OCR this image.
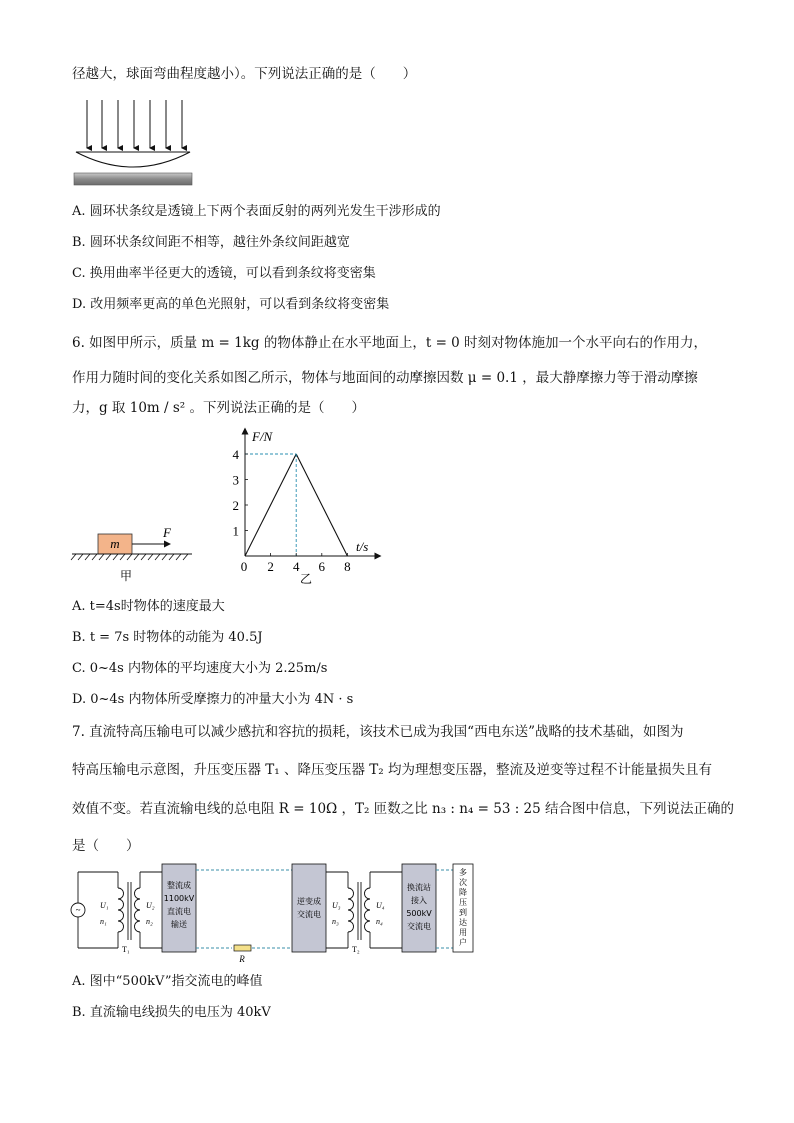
径越大，球面弯曲程度越小）。下列说法正确的是（　　）
A. 圆环状条纹是透镜上下两个表面反射的两列光发生干涉形成的
B. 圆环状条纹间距不相等，越往外条纹间距越宽
C. 换用曲率半径更大的透镜，可以看到条纹将变密集
D. 改用频率更高的单色光照射，可以看到条纹将变密集
6. 如图甲所示，质量 m = 1kg 的物体静止在水平地面上，t = 0 时刻对物体施加一个水平向右的作用力，
作用力随时间的变化关系如图乙所示，物体与地面间的动摩擦因数 μ = 0.1 ，最大静摩擦力等于滑动摩擦
力，g 取 10m / s² 。下列说法正确的是（　　）
m
F
甲
F/N
t/s
0 2 4 6 8
1
2
3
4
乙
A. t=4s时物体的速度最大
B. t = 7s 时物体的动能为 40.5J
C. 0~4s 内物体的平均速度大小为 2.25m/s
D. 0~4s 内物体所受摩擦力的冲量大小为 4N · s
7. 直流特高压输电可以减少感抗和容抗的损耗，该技术已成为我国“西电东送”战略的技术基础，如图为
特高压输电示意图，升压变压器 T₁ 、降压变压器 T₂ 均为理想变压器，整流及逆变等过程不计能量损失且有
效值不变。若直流输电线的总电阻 R = 10Ω ，T₂ 匝数之比 n₃ : n₄ = 53 : 25 结合图中信息，下列说法正确的
是（　　）
整流成
1100kV
直流电
输送
R
逆变成
交流电
换流站
接入
500kV
交流电
多
次
降
压
到
达
用
户
~ U₁
n₁
U₂
n₂
U₃
n₃
U₄
n₄
T₁	T₂
A. 图中“500kV”指交流电的峰值
B. 直流输电线损失的电压为 40kV
